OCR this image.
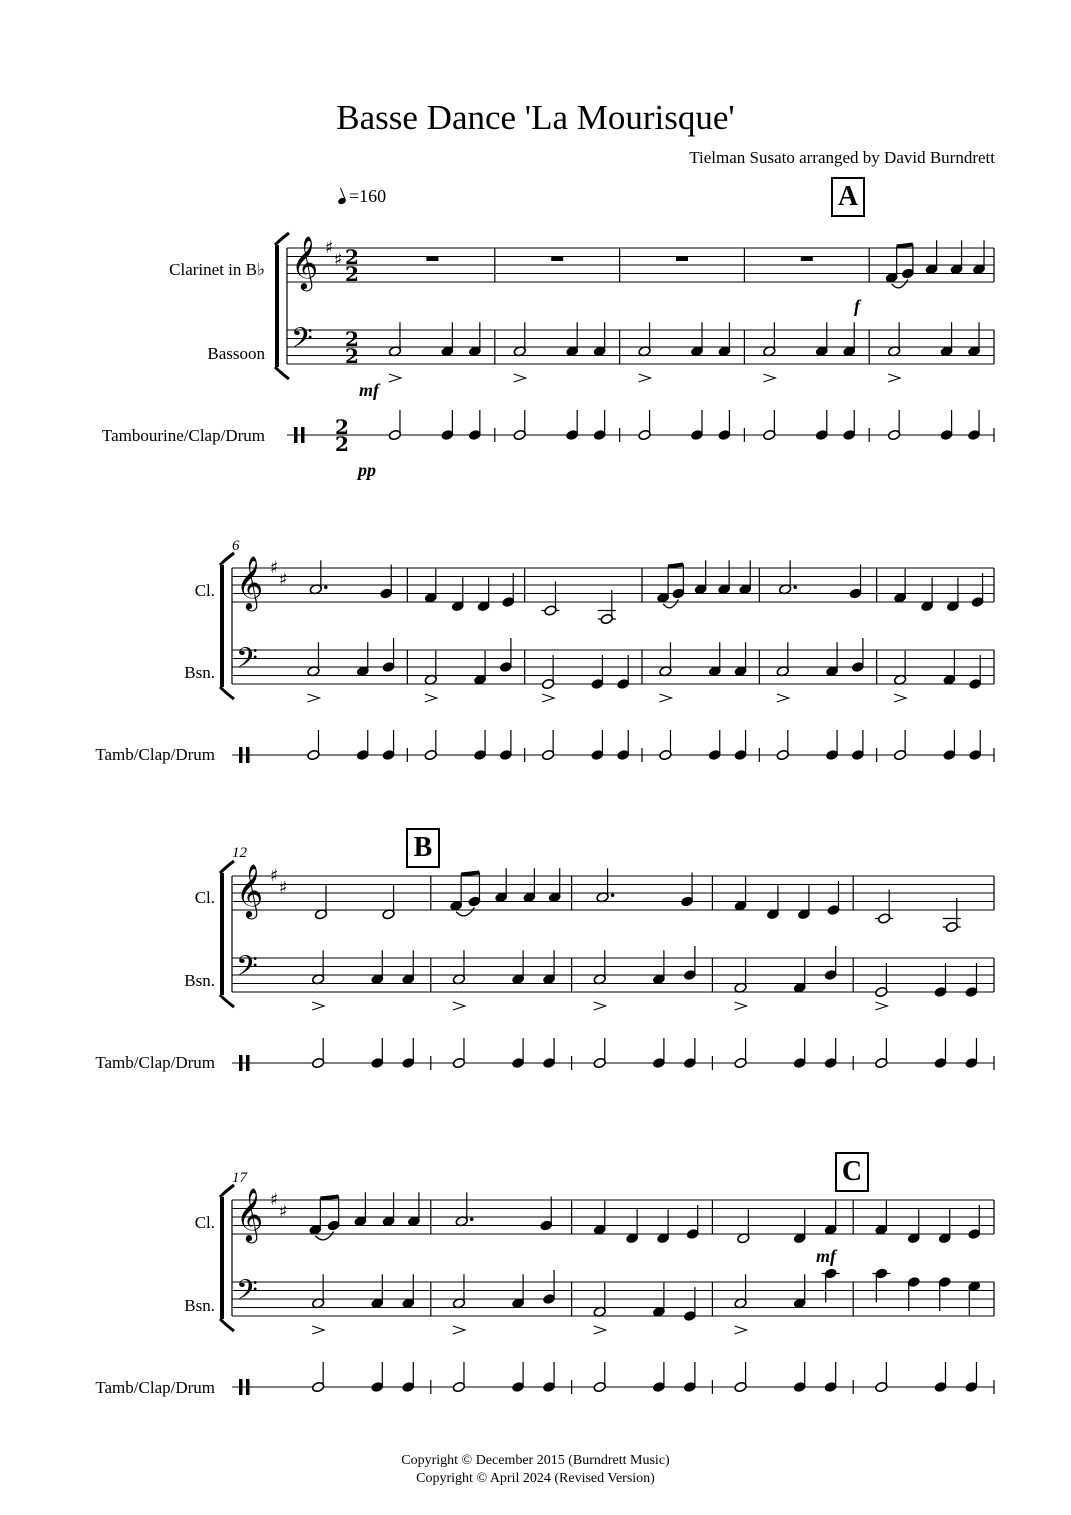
Basse Dance 'La Mourisque'
Tielman Susato arranged by David Burndrett
=160	A
B
C
Clarinet in B♭
Bassoon
Tambourine/Clap/Drum
Cl.
Bsn.
Tamb/Clap/Drum
Cl.
Bsn.
Tamb/Clap/Drum
Cl.
Bsn.
Tamb/Clap/Drum
6
12
17
f
mf
pp
mf
𝄞
𝄢
♯
♯ 2
2
2
2
2
2
𝄞
𝄢
♯
♯
𝄞
𝄢
♯
♯
𝄞
𝄢
♯
♯
Copyright © December 2015 (Burndrett Music)
Copyright © April 2024 (Revised Version)
